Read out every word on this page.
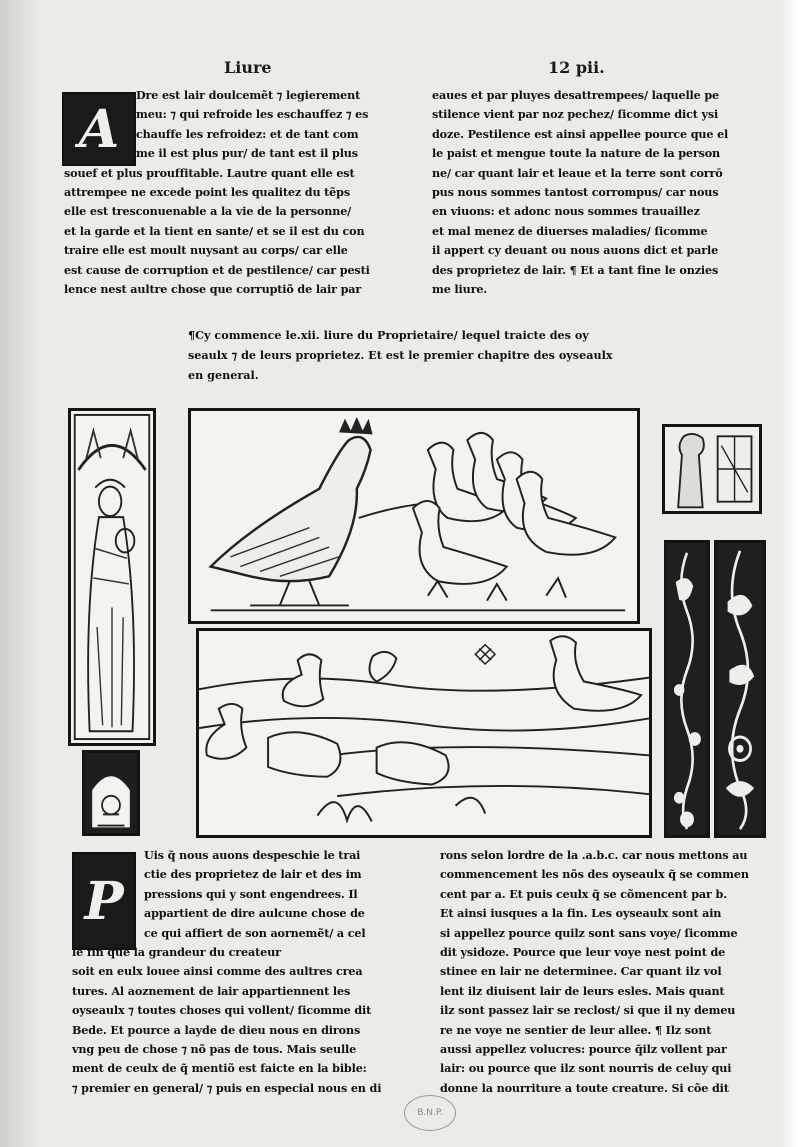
Liure	12 pii.
A
Dre est lair doulcemẽt ⁊ legierement
meu: ⁊ qui refroide les eschauffez ⁊ es
chauffe les refroidez: et de tant com
me il est plus pur/ de tant est il plus
souef et plus prouffitable. Lautre quant elle est
attrempee ne excede point les qualitez du tẽps
elle est tresconuenable a la vie de la personne/
et la garde et la tient en sante/ et se il est du con
traire elle est moult nuysant au corps/ car elle
est cause de corruption et de pestilence/ car pesti
lence nest aultre chose que corruptiõ de lair par
eaues et par pluyes desattrempees/ laquelle pe
stilence vient par noz pechez/ ſicomme dict ysi
doze. Pestilence est ainsi appellee pource que el
le paist et mengue toute la nature de la person
ne/ car quant lair et leaue et la terre sont corrō
pus nous sommes tantost corrompus/ car nous
en viuons: et adonc nous sommes trauaillez
et mal menez de diuerses maladies/ ſicomme
il appert cy deuant ou nous auons dict et parle
des proprietez de lair. ¶ Et a tant fine le onzies
me liure.
¶Cy commence le.xii. liure du Proprietaire/ lequel traicte des oy
seaulx ⁊ de leurs proprietez. Et est le premier chapitre des oyseaulx
en general.
P
Uis q̃ nous auons despeschie le trai
ctie des proprietez de lair et des im
pressions qui y sont engendrees. Il
appartient de dire aulcune chose de
ce qui affiert de son aornemẽt/ a cel
le fin que la grandeur du createur
soit en eulx louee ainsi comme des aultres crea
tures. Al aoznement de lair appartiennent les
oyseaulx ⁊ toutes choses qui vollent/ ſicomme dit
Bede. Et pource a layde de dieu nous en dirons
vng peu de chose ⁊ nõ pas de tous. Mais seulle
ment de ceulx de q̃ mentiõ est faicte en la bible:
⁊ premier en general/ ⁊ puis en especial nous en di
rons selon lordre de la .a.b.c. car nous mettons au
commencement les nõs des oyseaulx q̃ se commen
cent par a. Et puis ceulx q̃ se cõmencent par b.
Et ainsi iusques a la fin. Les oyseaulx sont ain
si appellez pource quilz sont sans voye/ ſicomme
dit ysidoze. Pource que leur voye nest point de
stinee en lair ne determinee. Car quant ilz vol
lent ilz diuisent lair de leurs esles. Mais quant
ilz sont passez lair se reclost/ si que il ny demeu
re ne voye ne sentier de leur allee. ¶ Ilz sont
aussi appellez volucres: pource q̃ilz vollent par
lair: ou pource que ilz sont nourris de celuy qui
donne la nourriture a toute creature. Si cõe dit
B.N.P.
